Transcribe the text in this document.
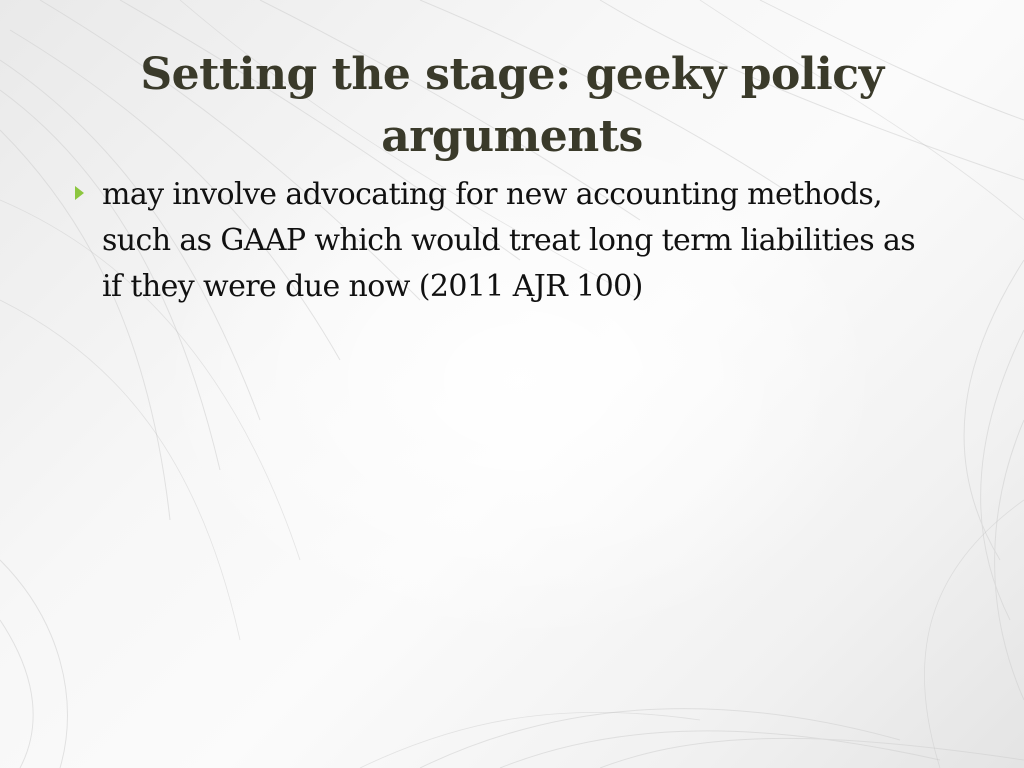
Setting the stage: geeky policy arguments
may involve advocating for new accounting methods, such as GAAP which would treat long term liabilities as if they were due now (2011 AJR 100)
